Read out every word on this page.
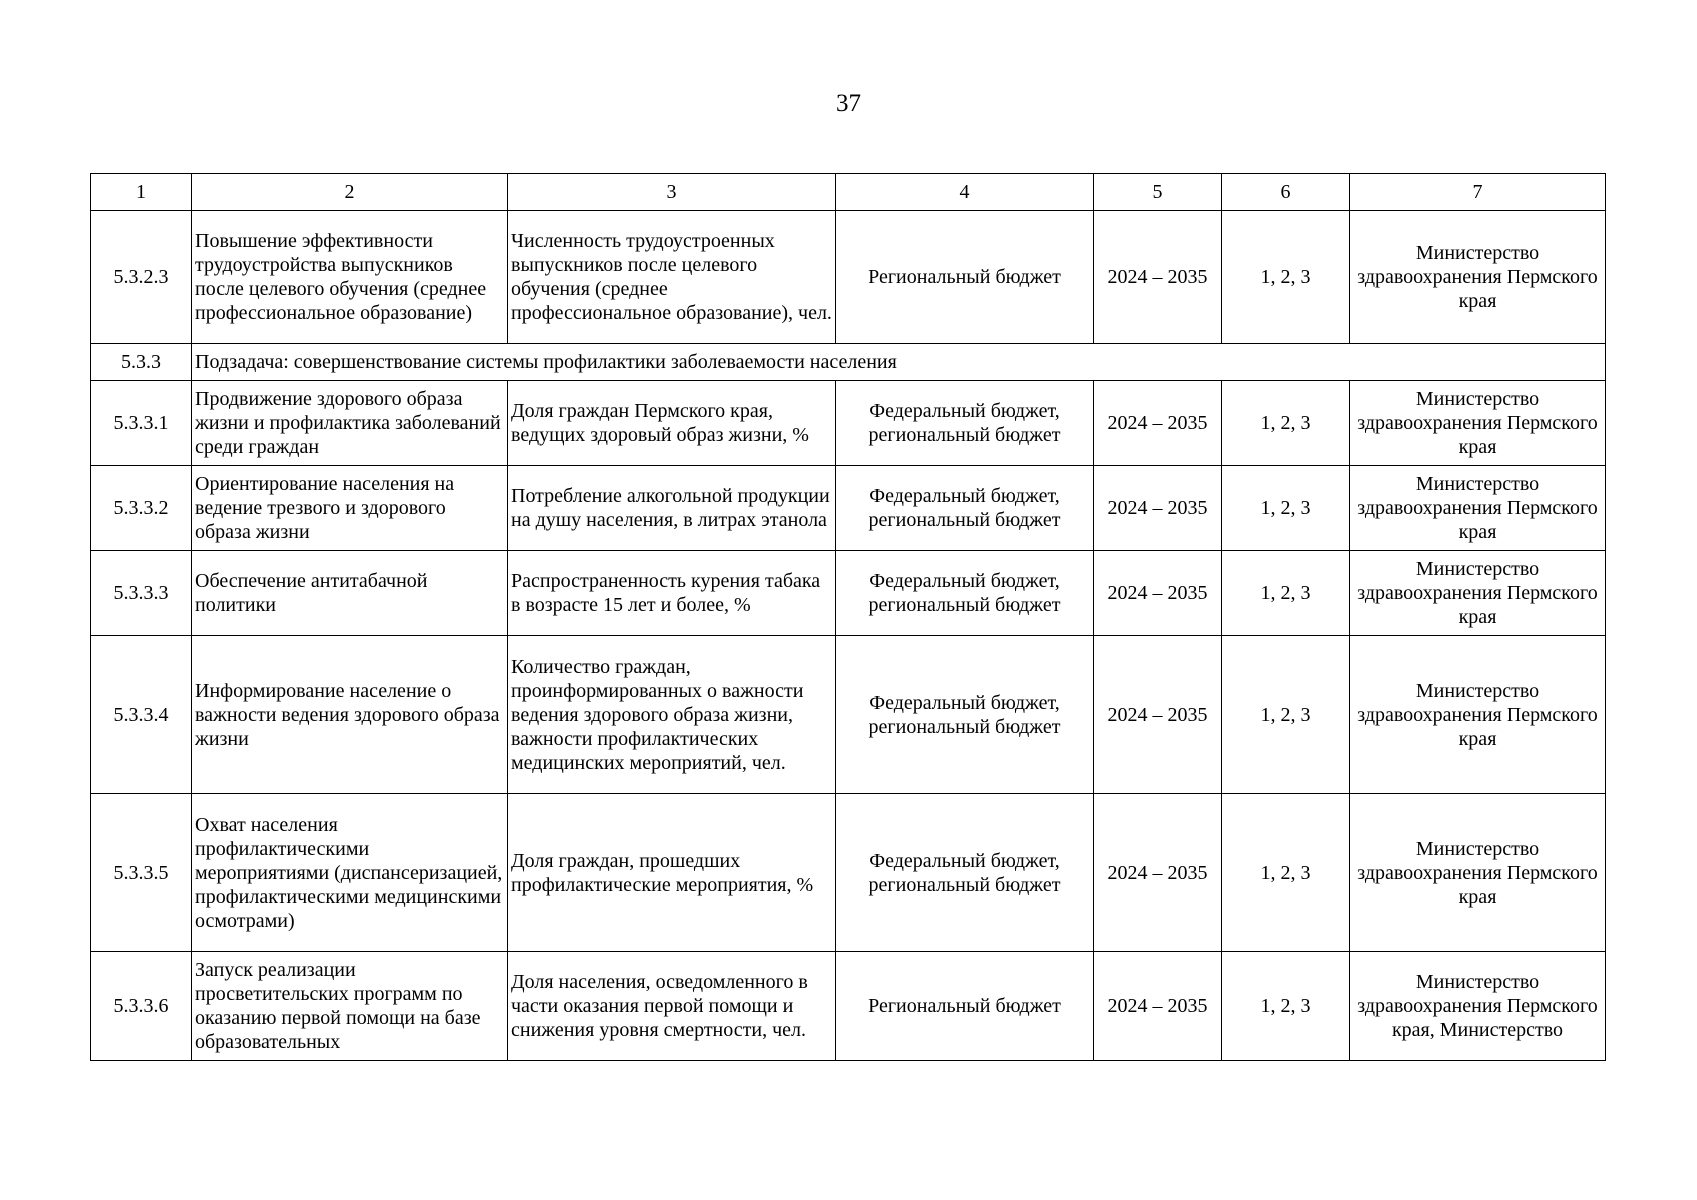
37
1	2	3	4	5	6	7
5.3.2.3	Повышение эффективности трудоустройства выпускников после целевого обучения (среднее профессиональное образование)	Численность трудоустроенных выпускников после целевого обучения (среднее профессиональное образование), чел.	Региональный бюджет	2024 – 2035	1, 2, 3	Министерство здравоохранения Пермского края
5.3.3	Подзадача: совершенствование системы профилактики заболеваемости населения					
5.3.3.1	Продвижение здорового образа жизни и профилактика заболеваний среди граждан	Доля граждан Пермского края, ведущих здоровый образ жизни, %	Федеральный бюджет, региональный бюджет	2024 – 2035	1, 2, 3	Министерство здравоохранения Пермского края
5.3.3.2	Ориентирование населения на ведение трезвого и здорового образа жизни	Потребление алкогольной продукции на душу населения, в литрах этанола	Федеральный бюджет, региональный бюджет	2024 – 2035	1, 2, 3	Министерство здравоохранения Пермского края
5.3.3.3	Обеспечение антитабачной политики	Распространенность курения табака в возрасте 15 лет и более, %	Федеральный бюджет, региональный бюджет	2024 – 2035	1, 2, 3	Министерство здравоохранения Пермского края
5.3.3.4	Информирование население о важности ведения здорового образа жизни	Количество граждан, проинформированных о важности ведения здорового образа жизни, важности профилактических медицинских мероприятий, чел.	Федеральный бюджет, региональный бюджет	2024 – 2035	1, 2, 3	Министерство здравоохранения Пермского края
5.3.3.5	Охват населения профилактическими мероприятиями (диспансеризацией, профилактическими медицинскими осмотрами)	Доля граждан, прошедших профилактические мероприятия, %	Федеральный бюджет, региональный бюджет	2024 – 2035	1, 2, 3	Министерство здравоохранения Пермского края
5.3.3.6	Запуск реализации просветительских программ по оказанию первой помощи на базе образовательных	Доля населения, осведомленного в части оказания первой помощи и снижения уровня смертности, чел.	Региональный бюджет	2024 – 2035	1, 2, 3	Министерство здравоохранения Пермского края, Министерство
